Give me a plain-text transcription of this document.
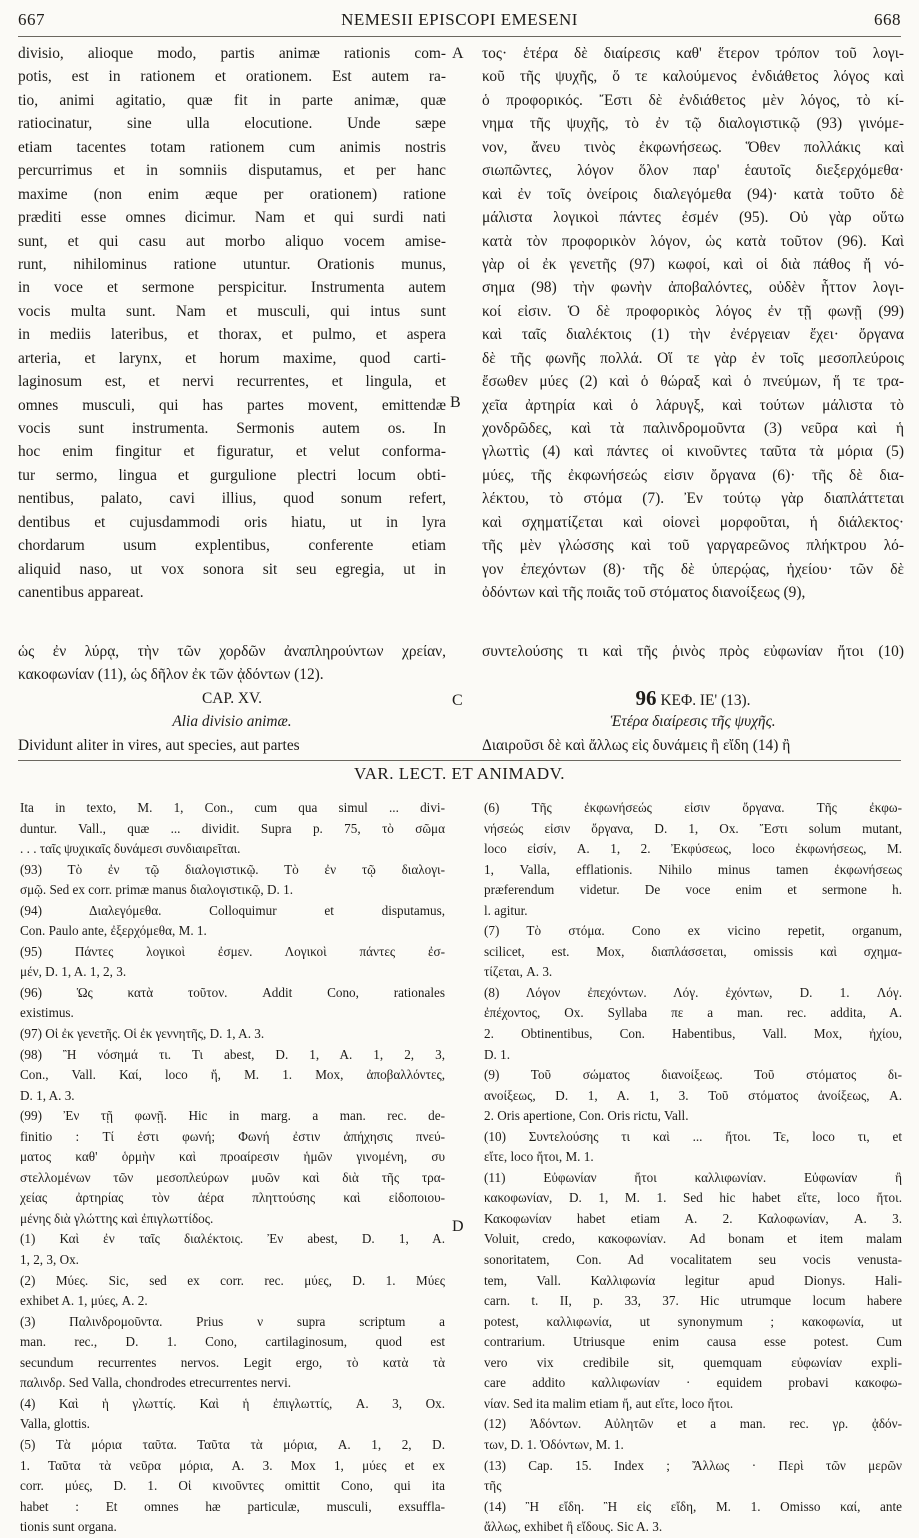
667	NEMESII EPISCOPI EMESENI	668
A
B
C
D
divisio, alioque modo, partis animæ rationis com-
potis, est in rationem et orationem. Est autem ra-
tio, animi agitatio, quæ fit in parte animæ, quæ
ratiocinatur, sine ulla elocutione. Unde sæpe
etiam tacentes totam rationem cum animis nostris
percurrimus et in somniis disputamus, et per hanc
maxime (non enim æque per orationem) ratione
præditi esse omnes dicimur. Nam et qui surdi nati
sunt, et qui casu aut morbo aliquo vocem amise-
runt, nihilominus ratione utuntur. Orationis munus,
in voce et sermone perspicitur. Instrumenta autem
vocis multa sunt. Nam et musculi, qui intus sunt
in mediis lateribus, et thorax, et pulmo, et aspera
arteria, et larynx, et horum maxime, quod carti-
laginosum est, et nervi recurrentes, et lingula, et
omnes musculi, qui has partes movent, emittendæ
vocis sunt instrumenta. Sermonis autem os. In
hoc enim fingitur et figuratur, et velut conforma-
tur sermo, lingua et gurgulione plectri locum obti-
nentibus, palato, cavi illius, quod sonum refert,
dentibus et cujusdammodi oris hiatu, ut in lyra
chordarum usum explentibus, conferente etiam
aliquid naso, ut vox sonora sit seu egregia, ut in
canentibus appareat.
τος· ἑτέρα δὲ διαίρεσις καθ' ἕτερον τρόπον τοῦ λογι-
κοῦ τῆς ψυχῆς, ὅ τε καλούμενος ἐνδιάθετος λόγος καὶ
ὁ προφορικός. Ἔστι δὲ ἐνδιάθετος μὲν λόγος, τὸ κί-
νημα τῆς ψυχῆς, τὸ ἐν τῷ διαλογιστικῷ (93) γινόμε-
νον, ἄνευ τινὸς ἐκφωνήσεως. Ὅθεν πολλάκις καὶ
σιωπῶντες, λόγον ὅλον παρ' ἑαυτοῖς διεξερχόμεθα·
καὶ ἐν τοῖς ὀνείροις διαλεγόμεθα (94)· κατὰ τοῦτο δὲ
μάλιστα λογικοὶ πάντες ἐσμέν (95). Οὐ γὰρ οὕτω
κατὰ τὸν προφορικὸν λόγον, ὡς κατὰ τοῦτον (96). Καὶ
γὰρ οἱ ἐκ γενετῆς (97) κωφοί, καὶ οἱ διὰ πάθος ἤ νό-
σημα (98) τὴν φωνὴν ἀποβαλόντες, οὐδὲν ἧττον λογι-
κοί εἰσιν. Ὁ δὲ προφορικὸς λόγος ἐν τῇ φωνῇ (99)
καὶ ταῖς διαλέκτοις (1) τὴν ἐνέργειαν ἔχει· ὄργανα
δὲ τῆς φωνῆς πολλά. Οἵ τε γὰρ ἐν τοῖς μεσοπλεύροις
ἔσωθεν μύες (2) καὶ ὁ θώραξ καὶ ὁ πνεύμων, ἥ τε τρα-
χεῖα ἀρτηρία καὶ ὁ λάρυγξ, καὶ τούτων μάλιστα τὸ
χονδρῶδες, καὶ τὰ παλινδρομοῦντα (3) νεῦρα καὶ ἡ
γλωττὶς (4) καὶ πάντες οἱ κινοῦντες ταῦτα τὰ μόρια (5)
μύες, τῆς ἐκφωνήσεώς εἰσιν ὄργανα (6)· τῆς δὲ δια-
λέκτου, τὸ στόμα (7). Ἐν τούτῳ γὰρ διαπλάττεται
καὶ σχηματίζεται καὶ οἱονεὶ μορφοῦται, ἡ διάλεκτος·
τῆς μὲν γλώσσης καὶ τοῦ γαργαρεῶνος πλήκτρου λό-
γον ἐπεχόντων (8)· τῆς δὲ ὑπερῴας, ἠχείου· τῶν δὲ
ὀδόντων καὶ τῆς ποιᾶς τοῦ στόματος διανοίξεως (9),
ὡς ἐν λύρᾳ, τὴν τῶν χορδῶν ἀναπληρούντων χρείαν,
κακοφωνίαν (11), ὡς δῆλον ἐκ τῶν ᾀδόντων (12).
CAP. XV.
Alia divisio animæ.
Dividunt aliter in vires, aut species, aut partes
συντελούσης τι καὶ τῆς ῥινὸς πρὸς εὐφωνίαν ἤτοι (10)
96 ΚΕΦ. ΙΕ' (13).
Ἑτέρα διαίρεσις τῆς ψυχῆς.
Διαιροῦσι δὲ καὶ ἄλλως εἰς δυνάμεις ἢ εἴδη (14) ἢ
VAR. LECT. ET ANIMADV.
Ita in texto, M. 1, Con., cum qua simul ... divi-
duntur. Vall., quæ ... dividit. Supra p. 75, τὸ σῶμα
. . . ταῖς ψυχικαῖς δυνάμεσι συνδιαιρεῖται.
(93) Τὸ ἐν τῷ διαλογιστικῷ. Τὸ ἐν τῷ διαλογι-
σμῷ. Sed ex corr. primæ manus διαλογιστικῷ, D. 1.
(94) Διαλεγόμεθα. Colloquimur et disputamus,
Con. Paulo ante, ἐξερχόμεθα, M. 1.
(95) Πάντες λογικοὶ ἐσμεν. Λογικοὶ πάντες ἐσ-
μέν, D. 1, A. 1, 2, 3.
(96) Ὡς κατὰ τοῦτον. Addit Cono, rationales
existimus.
(97) Οἱ ἐκ γενετῆς. Οἱ ἐκ γεννητῆς, D. 1, A. 3.
(98) Ἢ νόσημά τι. Τι abest, D. 1, A. 1, 2, 3,
Con., Vall. Καί, loco ἤ, M. 1. Mox, ἀποβαλλόντες,
D. 1, A. 3.
(99) Ἐν τῇ φωνῇ. Hic in marg. a man. rec. de-
finitio : Τί ἐστι φωνή; Φωνή ἐστιν ἀπήχησις πνεύ-
ματος καθ' ὁρμὴν καὶ προαίρεσιν ἡμῶν γινομένη, συ
στελλομένων τῶν μεσοπλεύρων μυῶν καὶ διὰ τῆς τρα-
χείας ἀρτηρίας τὸν ἀέρα πληττούσης καὶ εἰδοποιου-
μένης διὰ γλώττης καὶ ἐπιγλωττίδος.
(1) Καὶ ἐν ταῖς διαλέκτοις. Ἐν abest, D. 1, A.
1, 2, 3, Ox.
(2) Μύες. Sic, sed ex corr. rec. μύες, D. 1. Μύες
exhibet A. 1, μύες, A. 2.
(3) Παλινδρομοῦντα. Prius ν supra scriptum a
man. rec., D. 1. Cono, cartilaginosum, quod est
secundum recurrentes nervos. Legit ergo, τὸ κατὰ τὰ
παλινδρ. Sed Valla, chondrodes etrecurrentes nervi.
(4) Καὶ ἡ γλωττίς. Καὶ ἡ ἐπιγλωττίς, A. 3, Ox.
Valla, glottis.
(5) Τὰ μόρια ταῦτα. Ταῦτα τὰ μόρια, A. 1, 2, D.
1. Ταῦτα τὰ νεῦρα μόρια, A. 3. Mox 1, μύες et ex
corr. μύες, D. 1. Οἱ κινοῦντες omittit Cono, qui ita
habet : Et omnes hæ particulæ, musculi, exsuffla-
tionis sunt organa.
(6) Τῆς ἐκφωνήσεώς εἰσιν ὄργανα. Τῆς ἐκφω-
νήσεώς εἰσιν ὄργανα, D. 1, Ox. Ἔστι solum mutant,
loco εἰσίν, A. 1, 2. Ἐκφύσεως, loco ἐκφωνήσεως, M.
1, Valla, efflationis. Nihilo minus tamen ἐκφωνήσεως
præferendum videtur. De voce enim et sermone h.
l. agitur.
(7) Τὸ στόμα. Cono ex vicino repetit, organum,
scilicet, est. Mox, διαπλάσσεται, omissis καὶ σχημα-
τίζεται, A. 3.
(8) Λόγον ἐπεχόντων. Λόγ. ἐχόντων, D. 1. Λόγ.
ἐπέχοντος, Ox. Syllaba πε a man. rec. addita, A.
2. Obtinentibus, Con. Habentibus, Vall. Mox, ἠχίου,
D. 1.
(9) Τοῦ σώματος διανοίξεως. Τοῦ στόματος δι-
ανοίξεως, D. 1, A. 1, 3. Τοῦ στόματος ἀνοίξεως, A.
2. Oris apertione, Con. Oris rictu, Vall.
(10) Συντελούσης τι καὶ ... ἤτοι. Τε, loco τι, et
εἴτε, loco ἤτοι, M. 1.
(11) Εὐφωνίαν ἤτοι καλλιφωνίαν. Εὐφωνίαν ἢ
κακοφωνίαν, D. 1, M. 1. Sed hic habet εἴτε, loco ἤτοι.
Κακοφωνίαν habet etiam A. 2. Καλοφωνίαν, A. 3.
Voluit, credo, κακοφωνίαν. Ad bonam et item malam
sonoritatem, Con. Ad vocalitatem seu vocis venusta-
tem, Vall. Καλλιφωνία legitur apud Dionys. Hali-
carn. t. II, p. 33, 37. Hic utrumque locum habere
potest, καλλιφωνία, ut synonymum ; κακοφωνία, ut
contrarium. Utriusque enim causa esse potest. Cum
vero vix credibile sit, quemquam εὐφωνίαν expli-
care addito καλλιφωνίαν · equidem probavi κακοφω-
νίαν. Sed ita malim etiam ἤ, aut εἴτε, loco ἤτοι.
(12) Ἀδόντων. Αὐλητῶν et a man. rec. γρ. ᾀδόν-
των, D. 1. Ὀδόντων, M. 1.
(13) Cap. 15. Index ; Ἄλλως · Περὶ τῶν μερῶν
τῆς
(14) Ἢ εἴδη. Ἢ εἰς εἴδη, M. 1. Omisso καί, ante
ἄλλως, exhibet ἢ εἴδους. Sic A. 3.
